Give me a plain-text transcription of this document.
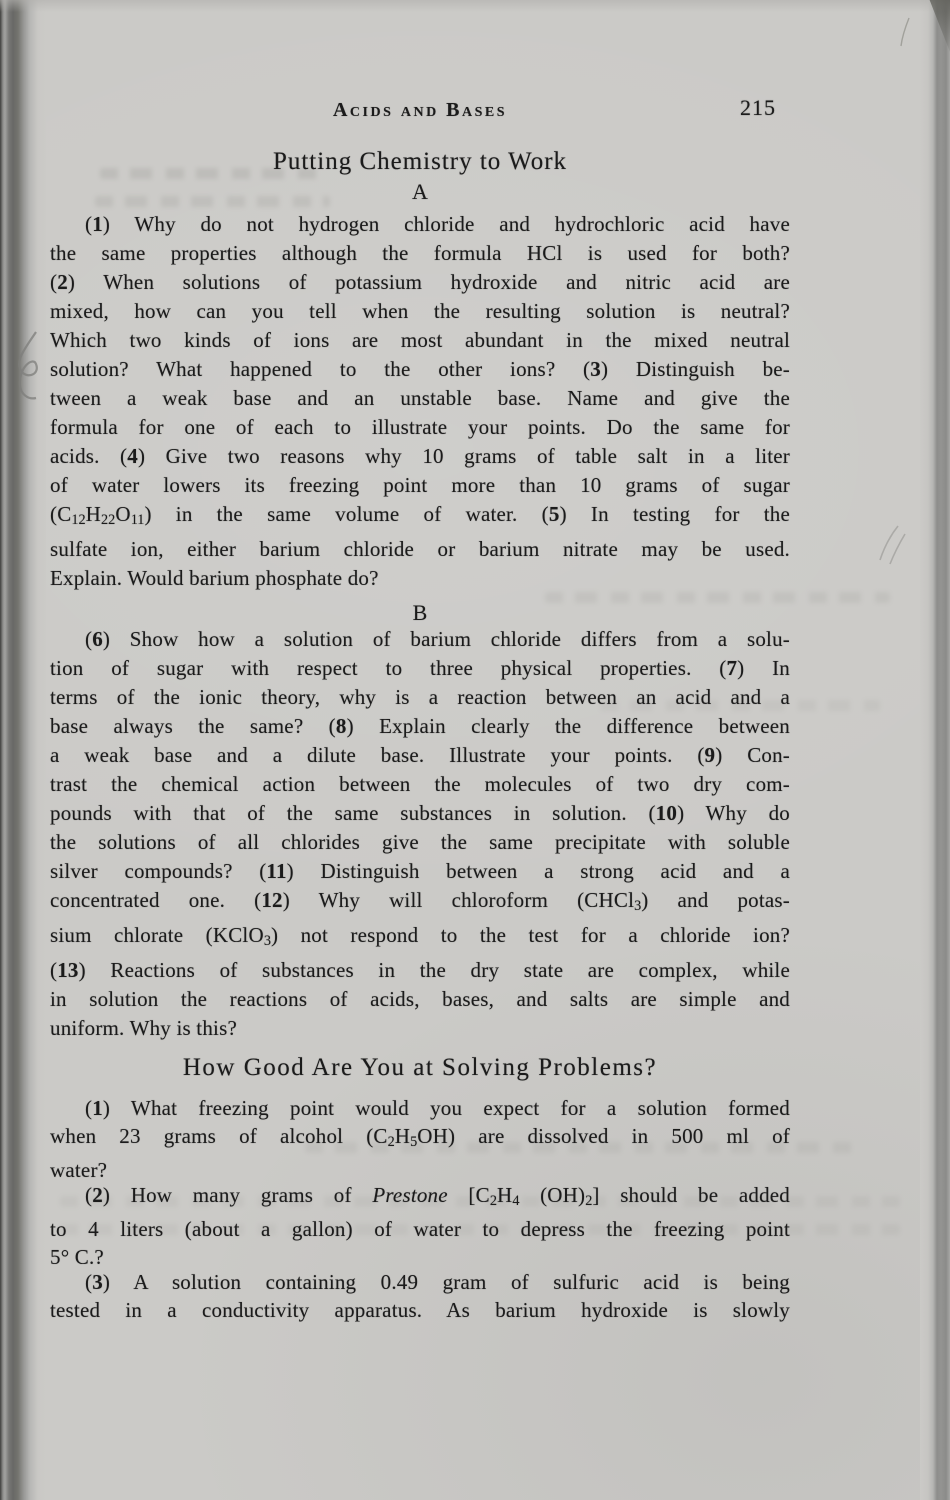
Acids and Bases	215
Putting Chemistry to Work
A
(1) Why do not hydrogen chloride and hydrochloric acid have
the same properties although the formula HCl is used for both?
(2) When solutions of potassium hydroxide and nitric acid are
mixed, how can you tell when the resulting solution is neutral?
Which two kinds of ions are most abundant in the mixed neutral
solution? What happened to the other ions? (3) Distinguish be-
tween a weak base and an unstable base. Name and give the
formula for one of each to illustrate your points. Do the same for
acids. (4) Give two reasons why 10 grams of table salt in a liter
of water lowers its freezing point more than 10 grams of sugar
$(C_{12}H_{22}O_{11})$ in the same volume of water. (5) In testing for the
sulfate ion, either barium chloride or barium nitrate may be used.
Explain. Would barium phosphate do?
B
(6) Show how a solution of barium chloride differs from a solu-
tion of sugar with respect to three physical properties. (7) In
terms of the ionic theory, why is a reaction between an acid and a
base always the same? (8) Explain clearly the difference between
a weak base and a dilute base. Illustrate your points. (9) Con-
trast the chemical action between the molecules of two dry com-
pounds with that of the same substances in solution. (10) Why do
the solutions of all chlorides give the same precipitate with soluble
silver compounds? (11) Distinguish between a strong acid and a
concentrated one. (12) Why will chloroform (CHCl$_3$) and potas-
sium chlorate (KClO$_3$) not respond to the test for a chloride ion?
(13) Reactions of substances in the dry state are complex, while
in solution the reactions of acids, bases, and salts are simple and
uniform. Why is this?
How Good Are You at Solving Problems?
(1) What freezing point would you expect for a solution formed
when 23 grams of alcohol $(C_2H_5OH)$ are dissolved in 500 ml of
water?
(2) How many grams of Prestone [$C_2H_4$ $(OH)_2$] should be added
to 4 liters (about a gallon) of water to depress the freezing point
5° C.?
(3) A solution containing 0.49 gram of sulfuric acid is being
tested in a conductivity apparatus. As barium hydroxide is slowly
